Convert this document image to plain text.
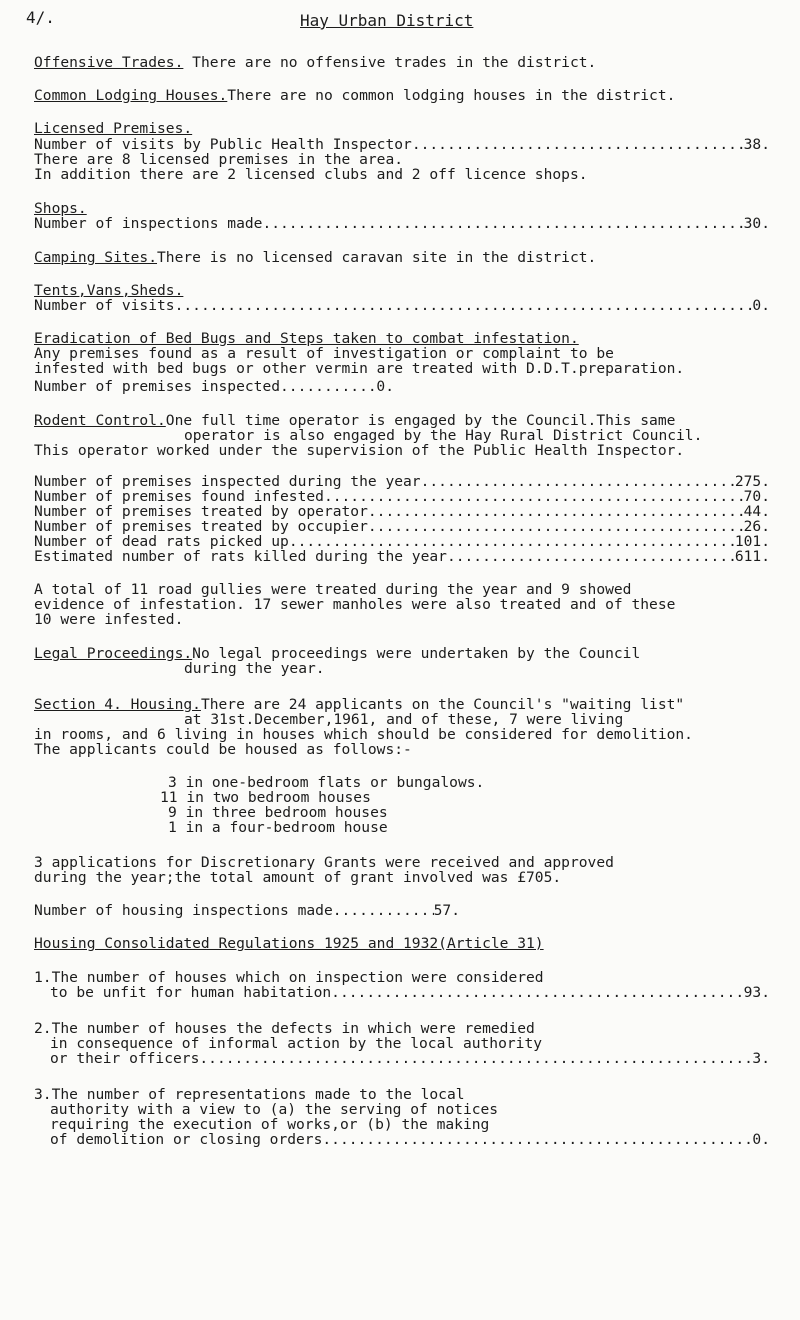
4/.	Hay Urban District
Offensive Trades. There are no offensive trades in the district.
Common Lodging Houses.There are no common lodging houses in the district.
Licensed Premises.
Number of visits by Public Health Inspector .....	38.
There are 8 licensed premises in the area.
In addition there are 2 licensed clubs and 2 off licence shops.
Shops.
Number of inspections made .....	30.
Camping Sites.There is no licensed caravan site in the district.
Tents,Vans,Sheds.
Number of visits .....	0.
Eradication of Bed Bugs and Steps taken to combat infestation.
Any premises found as a result of investigation or complaint to be
infested with bed bugs or other vermin are treated with D.D.T.preparation.
Number of premises inspected .....	0.
Rodent Control.One full time operator is engaged by the Council.This same
operator is also engaged by the Hay Rural District Council.
This operator worked under the supervision of the Public Health Inspector.
Number of premises inspected during the year .....	275.
Number of premises found infested .....	70.
Number of premises treated by operator .....	44.
Number of premises treated by occupier .....	26.
Number of dead rats picked up .....	101.
Estimated number of rats killed during the year .....	611.
A total of 11 road gullies were treated during the year and 9 showed
evidence of infestation. 17 sewer manholes were also treated and of these
10 were infested.
Legal Proceedings.No legal proceedings were undertaken by the Council
during the year.
Section 4. Housing.There are 24 applicants on the Council's "waiting list"
at 31st.December,1961, and of these, 7 were living
in rooms, and 6 living in houses which should be considered for demolition.
The applicants could be housed as follows:-
3 in one-bedroom flats or bungalows.
11 in two bedroom houses
9 in three bedroom houses
1 in a four-bedroom house
3 applications for Discretionary Grants were received and approved
during the year;the total amount of grant involved was £705.
Number of housing inspections made .....	57.
Housing Consolidated Regulations 1925 and 1932(Article 31)
1.The number of houses which on inspection were considered
to be unfit for human habitation .....	93.
2.The number of houses the defects in which were remedied
in consequence of informal action by the local authority
or their officers .....	3.
3.The number of representations made to the local
authority with a view to (a) the serving of notices
requiring the execution of works,or (b) the making
of demolition or closing orders .....	0.
